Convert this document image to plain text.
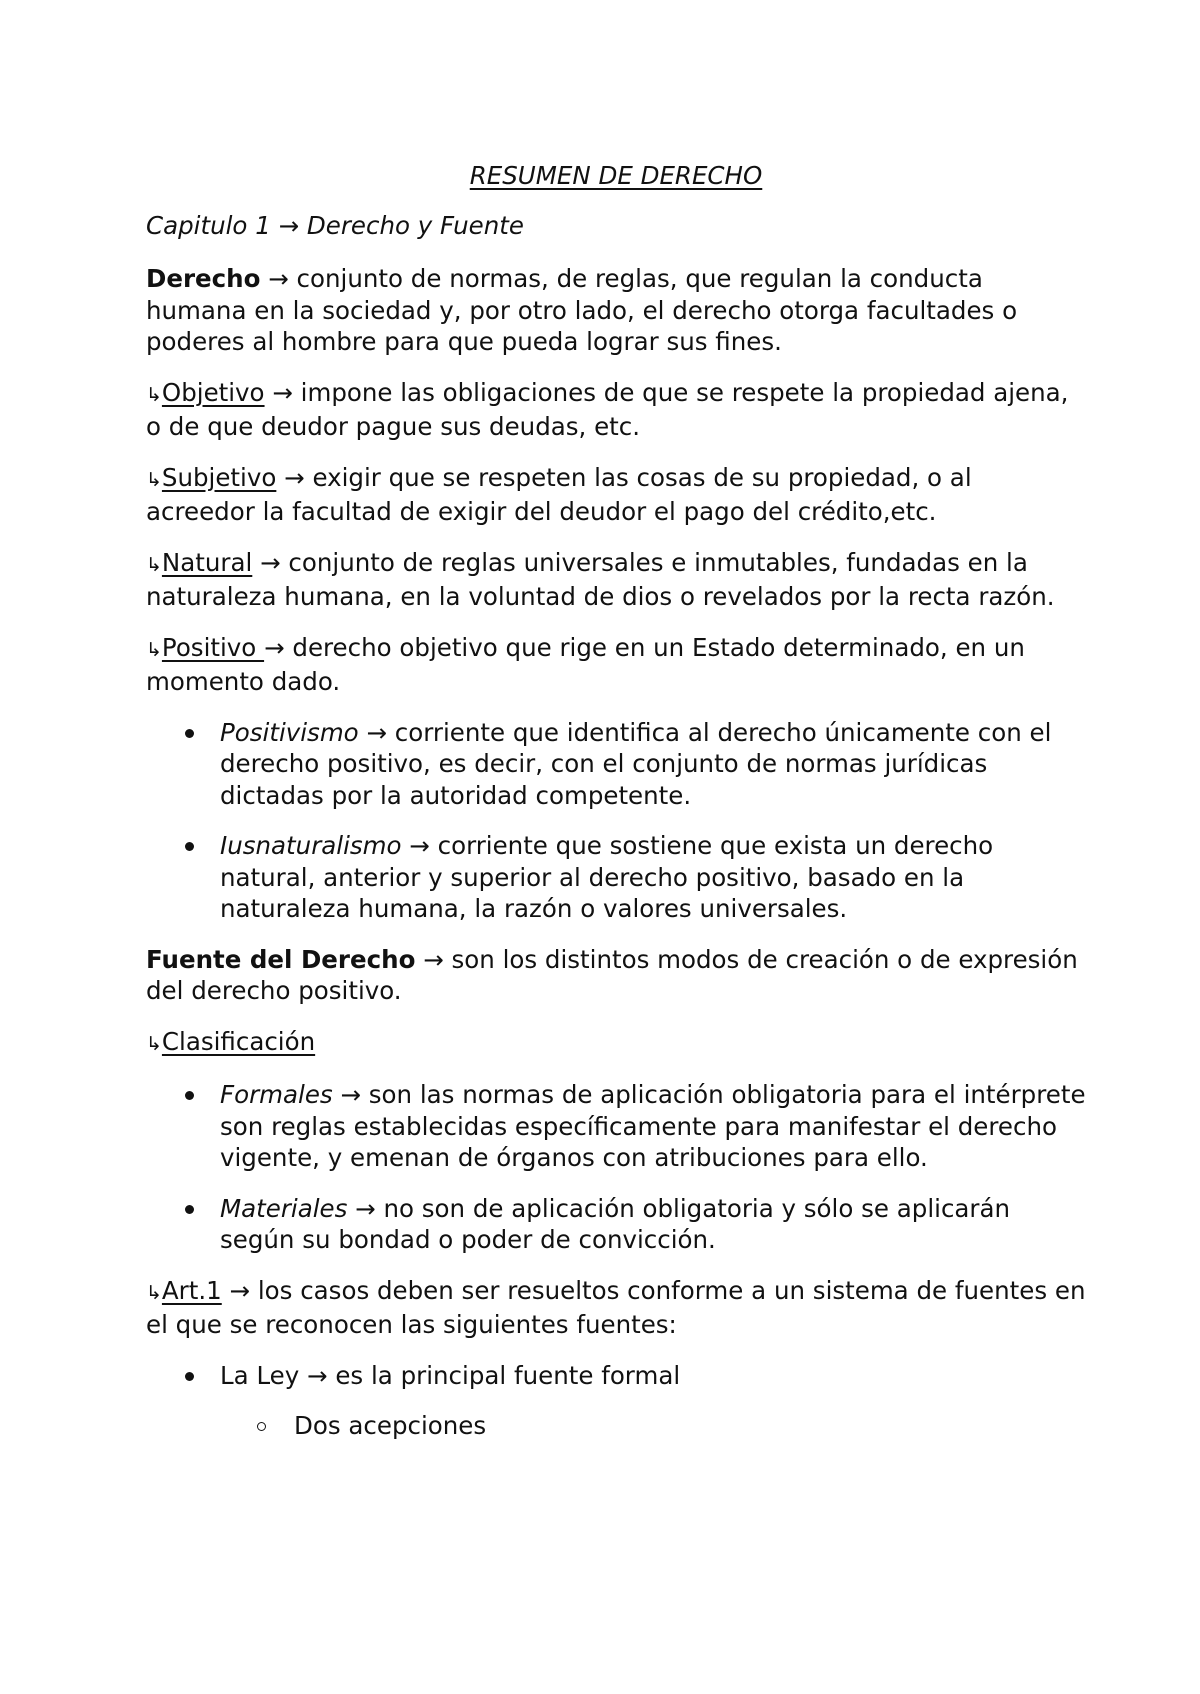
RESUMEN DE DERECHO
Capitulo 1 → Derecho y Fuente

Derecho → conjunto de normas, de reglas, que regulan la conducta humana en la sociedad y, por otro lado, el derecho otorga facultades o poderes al hombre para que pueda lograr sus fines.

↳Objetivo → impone las obligaciones de que se respete la propiedad ajena, o de que deudor pague sus deudas, etc.

↳Subjetivo → exigir que se respeten las cosas de su propiedad, o al acreedor la facultad de exigir del deudor el pago del crédito,etc.

↳Natural → conjunto de reglas universales e inmutables, fundadas en la naturaleza humana, en la voluntad de dios o revelados por la recta razón.

↳Positivo → derecho objetivo que rige en un Estado determinado, en un momento dado.

Positivismo → corriente que identifica al derecho únicamente con el derecho positivo, es decir, con el conjunto de normas jurídicas dictadas por la autoridad competente.
Iusnaturalismo → corriente que sostiene que exista un derecho natural, anterior y superior al derecho positivo, basado en la naturaleza humana, la razón o valores universales.

Fuente del Derecho → son los distintos modos de creación o de expresión del derecho positivo.

↳Clasificación

Formales → son las normas de aplicación obligatoria para el intérprete son reglas establecidas específicamente para manifestar el derecho vigente, y emenan de órganos con atribuciones para ello.
Materiales → no son de aplicación obligatoria y sólo se aplicarán según su bondad o poder de convicción.

↳Art.1 → los casos deben ser resueltos conforme a un sistema de fuentes en el que se reconocen las siguientes fuentes:

La Ley → es la principal fuente formal
Dos acepciones
